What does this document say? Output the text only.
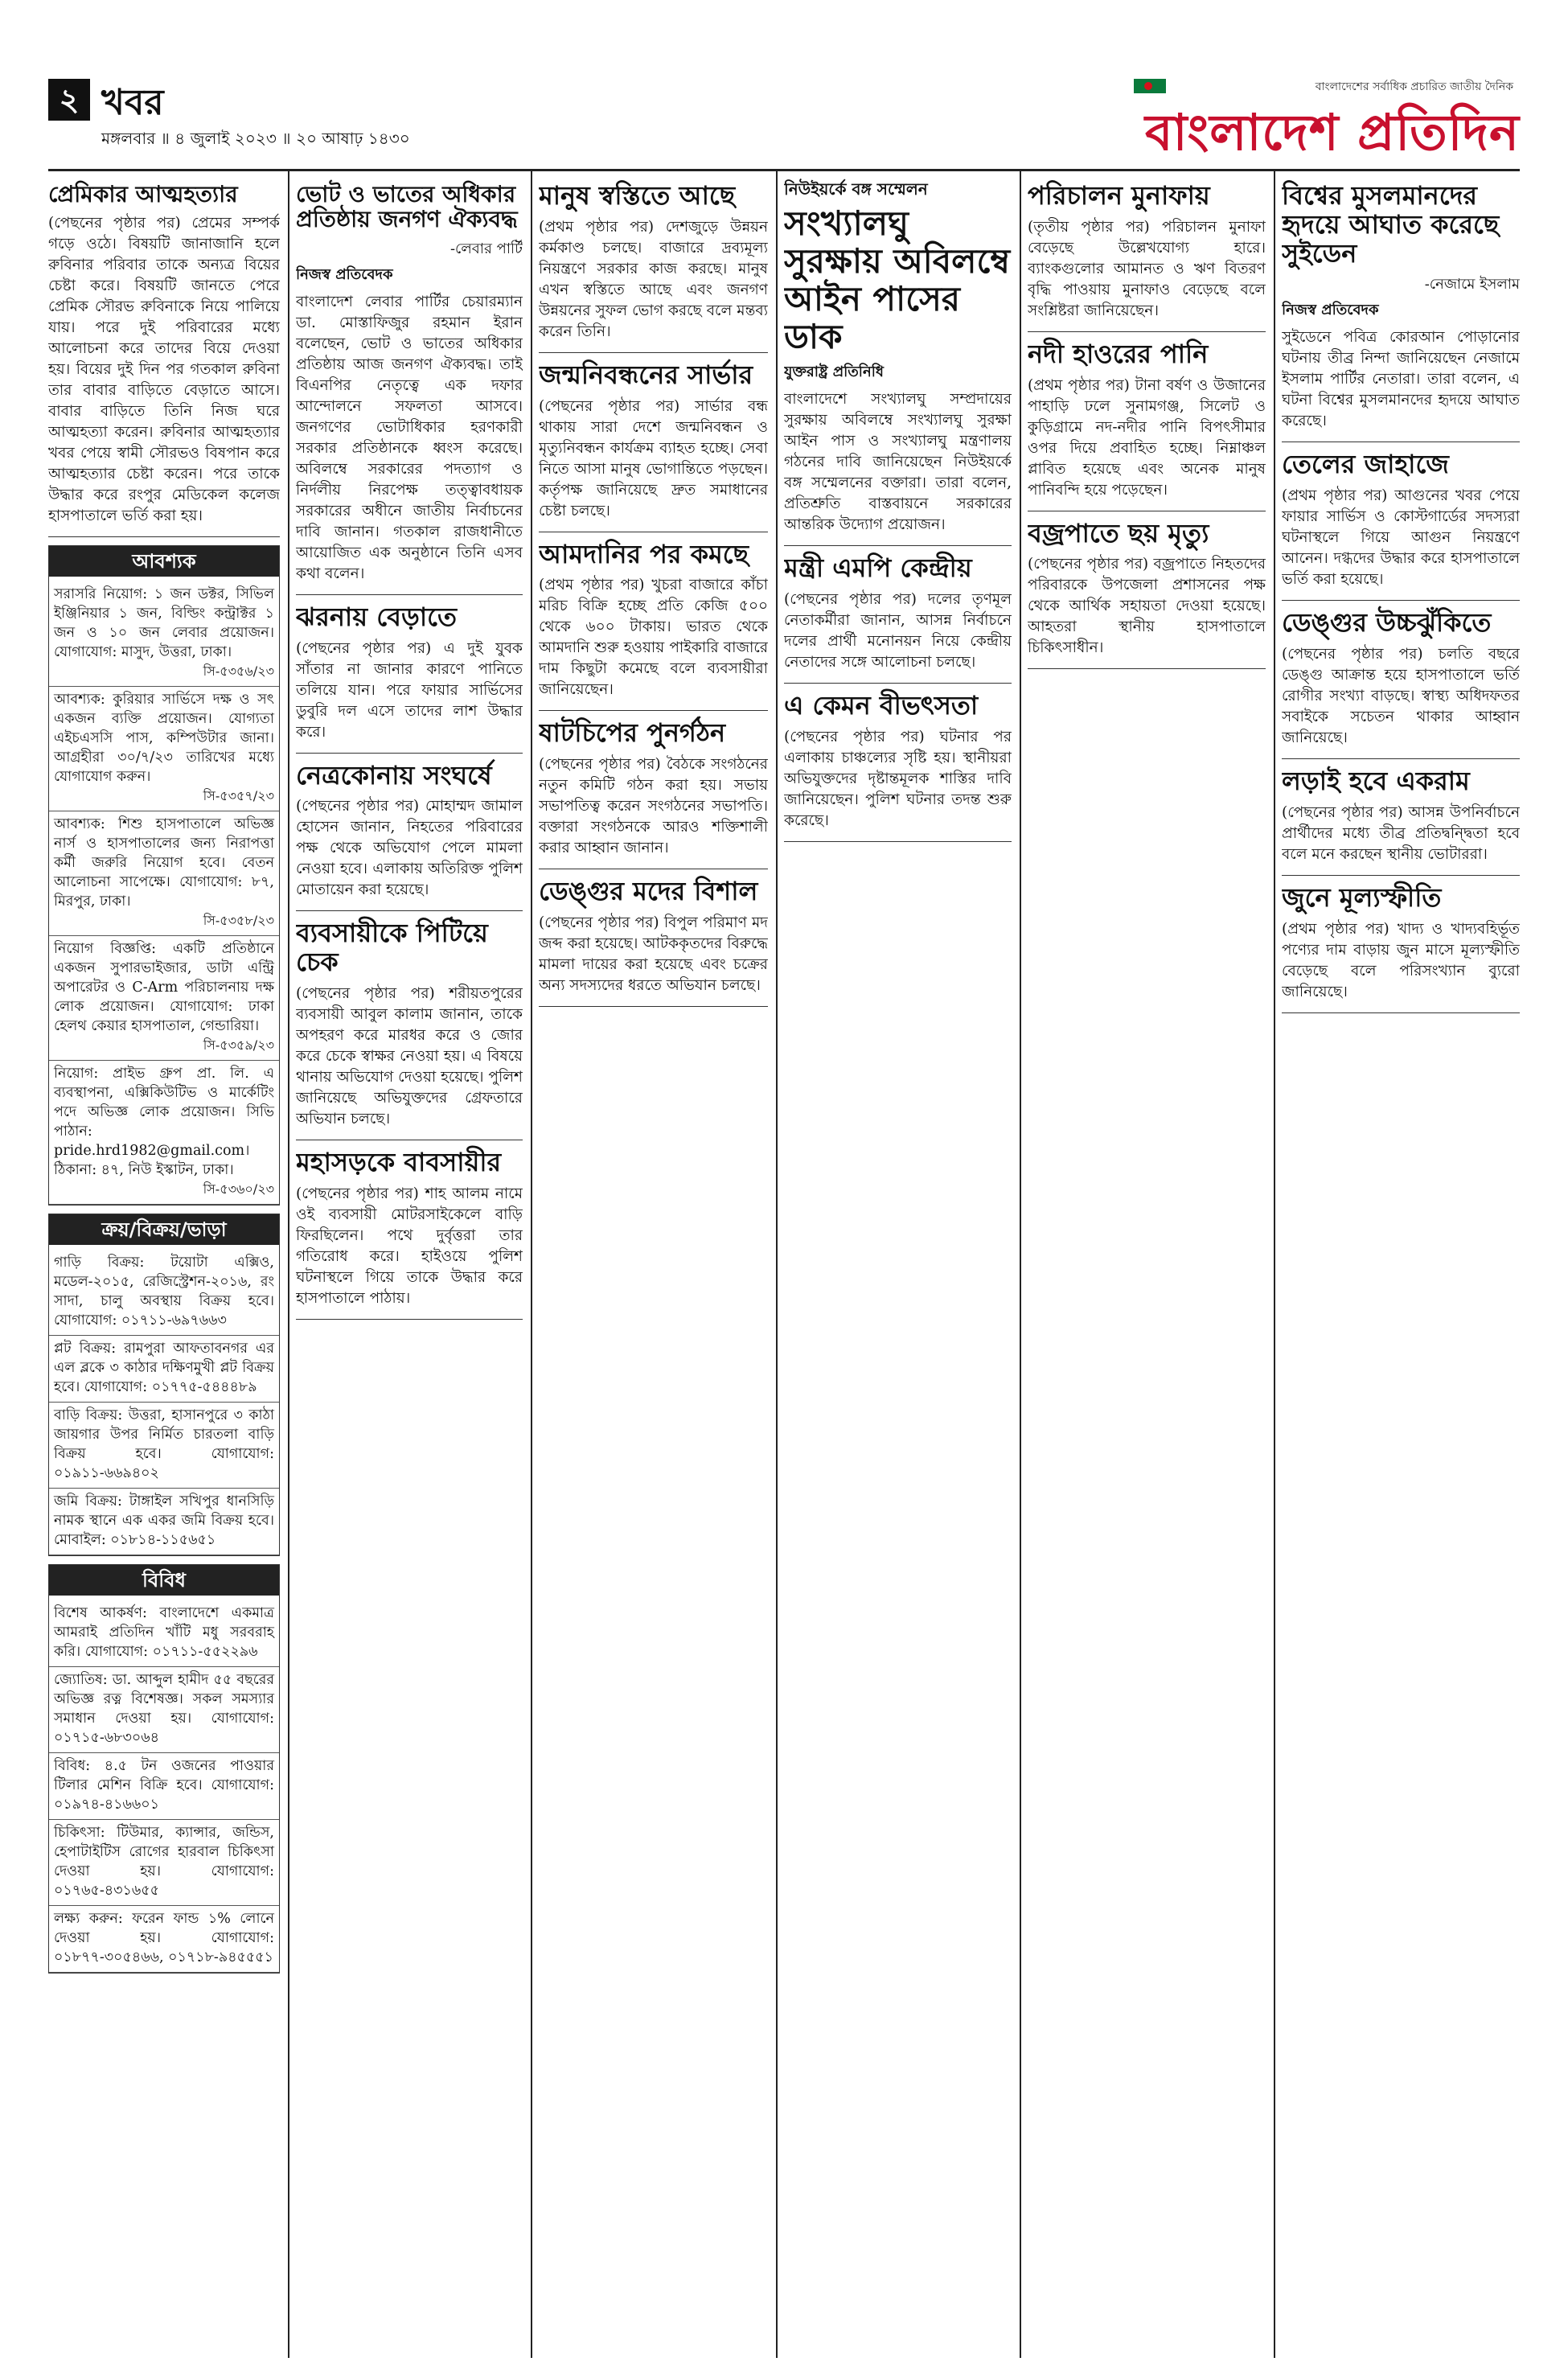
২ খবর
মঙ্গলবার ॥ ৪ জুলাই ২০২৩ ॥ ২০ আষাঢ় ১৪৩০
বাংলাদেশের সর্বাধিক প্রচারিত জাতীয় দৈনিক
বাংলাদেশ প্রতিদিন
প্রেমিকার আত্মহত্যার

(পেছনের পৃষ্ঠার পর) প্রেমের সম্পর্ক গড়ে ওঠে। বিষয়টি জানাজানি হলে রুবিনার পরিবার তাকে অন্যত্র বিয়ের চেষ্টা করে। বিষয়টি জানতে পেরে প্রেমিক সৌরভ রুবিনাকে নিয়ে পালিয়ে যায়। পরে দুই পরিবারের মধ্যে আলোচনা করে তাদের বিয়ে দেওয়া হয়। বিয়ের দুই দিন পর গতকাল রুবিনা তার বাবার বাড়িতে বেড়াতে আসে। বাবার বাড়িতে তিনি নিজ ঘরে আত্মহত্যা করেন। রুবিনার আত্মহত্যার খবর পেয়ে স্বামী সৌরভও বিষপান করে আত্মহত্যার চেষ্টা করেন। পরে তাকে উদ্ধার করে রংপুর মেডিকেল কলেজ হাসপাতালে ভর্তি করা হয়।

আবশ্যক
সরাসরি নিয়োগ: ১ জন ডক্টর, সিভিল ইঞ্জিনিয়ার ১ জন, বিল্ডিং কন্ট্রাক্টর ১ জন ও ১০ জন লেবার প্রয়োজন। যোগাযোগ: মাসুদ, উত্তরা, ঢাকা।
সি-৫৩৫৬/২৩
আবশ্যক: কুরিয়ার সার্ভিসে দক্ষ ও সৎ একজন ব্যক্তি প্রয়োজন। যোগ্যতা এইচএসসি পাস, কম্পিউটার জানা। আগ্রহীরা ৩০/৭/২৩ তারিখের মধ্যে যোগাযোগ করুন।
সি-৫৩৫৭/২৩
আবশ্যক: শিশু হাসপাতালে অভিজ্ঞ নার্স ও হাসপাতালের জন্য নিরাপত্তা কর্মী জরুরি নিয়োগ হবে। বেতন আলোচনা সাপেক্ষে। যোগাযোগ: ৮৭, মিরপুর, ঢাকা।
সি-৫৩৫৮/২৩
নিয়োগ বিজ্ঞপ্তি: একটি প্রতিষ্ঠানে একজন সুপারভাইজার, ডাটা এন্ট্রি অপারেটর ও C-Arm পরিচালনায় দক্ষ লোক প্রয়োজন। যোগাযোগ: ঢাকা হেলথ কেয়ার হাসপাতাল, গেন্ডারিয়া।
সি-৫৩৫৯/২৩
নিয়োগ: প্রাইভ গ্রুপ প্রা. লি. এ ব্যবস্থাপনা, এক্সিকিউটিভ ও মার্কেটিং পদে অভিজ্ঞ লোক প্রয়োজন। সিভি পাঠান: pride.hrd1982@gmail.com। ঠিকানা: ৪৭, নিউ ইস্কাটন, ঢাকা।
সি-৫৩৬০/২৩
ক্রয়/বিক্রয়/ভাড়া
গাড়ি বিক্রয়: টয়োটা এক্সিও, মডেল-২০১৫, রেজিস্ট্রেশন-২০১৬, রং সাদা, চালু অবস্থায় বিক্রয় হবে। যোগাযোগ: ০১৭১১-৬৯৭৬৬৩
প্লট বিক্রয়: রামপুরা আফতাবনগর এর এল ব্লকে ৩ কাঠার দক্ষিণমুখী প্লট বিক্রয় হবে। যোগাযোগ: ০১৭৭৫-৫৪৪৪৮৯
বাড়ি বিক্রয়: উত্তরা, হাসানপুরে ৩ কাঠা জায়গার উপর নির্মিত চারতলা বাড়ি বিক্রয় হবে। যোগাযোগ: ০১৯১১-৬৬৯৪০২
জমি বিক্রয়: টাঙ্গাইল সখিপুর ধানসিড়ি নামক স্থানে এক একর জমি বিক্রয় হবে। মোবাইল: ০১৮১৪-১১৫৬৫১
বিবিধ
বিশেষ আকর্ষণ: বাংলাদেশে একমাত্র আমরাই প্রতিদিন খাঁটি মধু সরবরাহ করি। যোগাযোগ: ০১৭১১-৫৫২২৯৬
জ্যোতিষ: ডা. আব্দুল হামীদ ৫৫ বছরের অভিজ্ঞ রত্ন বিশেষজ্ঞ। সকল সমস্যার সমাধান দেওয়া হয়। যোগাযোগ: ০১৭১৫-৬৮৩০৬৪
বিবিধ: ৪.৫ টন ওজনের পাওয়ার টিলার মেশিন বিক্রি হবে। যোগাযোগ: ০১৯৭৪-৪১৬৬০১
চিকিৎসা: টিউমার, ক্যান্সার, জন্ডিস, হেপাটাইটিস রোগের হারবাল চিকিৎসা দেওয়া হয়। যোগাযোগ: ০১৭৬৫-৪৩১৬৫৫
লক্ষ্য করুন: ফরেন ফান্ড ১% লোনে দেওয়া হয়। যোগাযোগ: ০১৮৭৭-৩০৫৪৬৬, ০১৭১৮-৯৪৫৫৫১
ভোট ও ভাতের অধিকার প্রতিষ্ঠায় জনগণ ঐক্যবদ্ধ
-লেবার পার্টি
নিজস্ব প্রতিবেদক

বাংলাদেশ লেবার পার্টির চেয়ারম্যান ডা. মোস্তাফিজুর রহমান ইরান বলেছেন, ভোট ও ভাতের অধিকার প্রতিষ্ঠায় আজ জনগণ ঐক্যবদ্ধ। তাই বিএনপির নেতৃত্বে এক দফার আন্দোলনে সফলতা আসবে। জনগণের ভোটাধিকার হরণকারী সরকার প্রতিষ্ঠানকে ধ্বংস করেছে। অবিলম্বে সরকারের পদত্যাগ ও নির্দলীয় নিরপেক্ষ তত্ত্বাবধায়ক সরকারের অধীনে জাতীয় নির্বাচনের দাবি জানান। গতকাল রাজধানীতে আয়োজিত এক অনুষ্ঠানে তিনি এসব কথা বলেন।

ঝরনায় বেড়াতে

(পেছনের পৃষ্ঠার পর) এ দুই যুবক সাঁতার না জানার কারণে পানিতে তলিয়ে যান। পরে ফায়ার সার্ভিসের ডুবুরি দল এসে তাদের লাশ উদ্ধার করে।

নেত্রকোনায় সংঘর্ষে

(পেছনের পৃষ্ঠার পর) মোহাম্মদ জামাল হোসেন জানান, নিহতের পরিবারের পক্ষ থেকে অভিযোগ পেলে মামলা নেওয়া হবে। এলাকায় অতিরিক্ত পুলিশ মোতায়েন করা হয়েছে।

ব্যবসায়ীকে পিটিয়ে চেক

(পেছনের পৃষ্ঠার পর) শরীয়তপুরের ব্যবসায়ী আবুল কালাম জানান, তাকে অপহরণ করে মারধর করে ও জোর করে চেকে স্বাক্ষর নেওয়া হয়। এ বিষয়ে থানায় অভিযোগ দেওয়া হয়েছে। পুলিশ জানিয়েছে অভিযুক্তদের গ্রেফতারে অভিযান চলছে।

মহাসড়কে বাবসায়ীর

(পেছনের পৃষ্ঠার পর) শাহ আলম নামে ওই ব্যবসায়ী মোটরসাইকেলে বাড়ি ফিরছিলেন। পথে দুর্বৃত্তরা তার গতিরোধ করে। হাইওয়ে পুলিশ ঘটনাস্থলে গিয়ে তাকে উদ্ধার করে হাসপাতালে পাঠায়।

মানুষ স্বস্তিতে আছে

(প্রথম পৃষ্ঠার পর) দেশজুড়ে উন্নয়ন কর্মকাণ্ড চলছে। বাজারে দ্রব্যমূল্য নিয়ন্ত্রণে সরকার কাজ করছে। মানুষ এখন স্বস্তিতে আছে এবং জনগণ উন্নয়নের সুফল ভোগ করছে বলে মন্তব্য করেন তিনি।

জন্মনিবন্ধনের সার্ভার

(পেছনের পৃষ্ঠার পর) সার্ভার বন্ধ থাকায় সারা দেশে জন্মনিবন্ধন ও মৃত্যুনিবন্ধন কার্যক্রম ব্যাহত হচ্ছে। সেবা নিতে আসা মানুষ ভোগান্তিতে পড়ছেন। কর্তৃপক্ষ জানিয়েছে দ্রুত সমাধানের চেষ্টা চলছে।

আমদানির পর কমছে

(প্রথম পৃষ্ঠার পর) খুচরা বাজারে কাঁচা মরিচ বিক্রি হচ্ছে প্রতি কেজি ৫০০ থেকে ৬০০ টাকায়। ভারত থেকে আমদানি শুরু হওয়ায় পাইকারি বাজারে দাম কিছুটা কমেছে বলে ব্যবসায়ীরা জানিয়েছেন।

ষাটচিপের পুনর্গঠন

(পেছনের পৃষ্ঠার পর) বৈঠকে সংগঠনের নতুন কমিটি গঠন করা হয়। সভায় সভাপতিত্ব করেন সংগঠনের সভাপতি। বক্তারা সংগঠনকে আরও শক্তিশালী করার আহ্বান জানান।

ডেঙ্গুর মদের বিশাল

(পেছনের পৃষ্ঠার পর) বিপুল পরিমাণ মদ জব্দ করা হয়েছে। আটককৃতদের বিরুদ্ধে মামলা দায়ের করা হয়েছে এবং চক্রের অন্য সদস্যদের ধরতে অভিযান চলছে।

নিউইয়র্কে বঙ্গ সম্মেলন
সংখ্যালঘু সুরক্ষায় অবিলম্বে আইন পাসের ডাক
যুক্তরাষ্ট্র প্রতিনিধি

বাংলাদেশে সংখ্যালঘু সম্প্রদায়ের সুরক্ষায় অবিলম্বে সংখ্যালঘু সুরক্ষা আইন পাস ও সংখ্যালঘু মন্ত্রণালয় গঠনের দাবি জানিয়েছেন নিউইয়র্কে বঙ্গ সম্মেলনের বক্তারা। তারা বলেন, প্রতিশ্রুতি বাস্তবায়নে সরকারের আন্তরিক উদ্যোগ প্রয়োজন।

মন্ত্রী এমপি কেন্দ্রীয়

(পেছনের পৃষ্ঠার পর) দলের তৃণমূল নেতাকর্মীরা জানান, আসন্ন নির্বাচনে দলের প্রার্থী মনোনয়ন নিয়ে কেন্দ্রীয় নেতাদের সঙ্গে আলোচনা চলছে।

এ কেমন বীভৎসতা

(পেছনের পৃষ্ঠার পর) ঘটনার পর এলাকায় চাঞ্চল্যের সৃষ্টি হয়। স্থানীয়রা অভিযুক্তদের দৃষ্টান্তমূলক শাস্তির দাবি জানিয়েছেন। পুলিশ ঘটনার তদন্ত শুরু করেছে।

পরিচালন মুনাফায়

(তৃতীয় পৃষ্ঠার পর) পরিচালন মুনাফা বেড়েছে উল্লেখযোগ্য হারে। ব্যাংকগুলোর আমানত ও ঋণ বিতরণ বৃদ্ধি পাওয়ায় মুনাফাও বেড়েছে বলে সংশ্লিষ্টরা জানিয়েছেন।

নদী হাওরের পানি

(প্রথম পৃষ্ঠার পর) টানা বর্ষণ ও উজানের পাহাড়ি ঢলে সুনামগঞ্জ, সিলেট ও কুড়িগ্রামে নদ-নদীর পানি বিপৎসীমার ওপর দিয়ে প্রবাহিত হচ্ছে। নিম্নাঞ্চল প্লাবিত হয়েছে এবং অনেক মানুষ পানিবন্দি হয়ে পড়েছেন।

বজ্রপাতে ছয় মৃত্যু

(পেছনের পৃষ্ঠার পর) বজ্রপাতে নিহতদের পরিবারকে উপজেলা প্রশাসনের পক্ষ থেকে আর্থিক সহায়তা দেওয়া হয়েছে। আহতরা স্থানীয় হাসপাতালে চিকিৎসাধীন।

বিশ্বের মুসলমানদের হৃদয়ে আঘাত করেছে সুইডেন
-নেজামে ইসলাম
নিজস্ব প্রতিবেদক

সুইডেনে পবিত্র কোরআন পোড়ানোর ঘটনায় তীব্র নিন্দা জানিয়েছেন নেজামে ইসলাম পার্টির নেতারা। তারা বলেন, এ ঘটনা বিশ্বের মুসলমানদের হৃদয়ে আঘাত করেছে।

তেলের জাহাজে

(প্রথম পৃষ্ঠার পর) আগুনের খবর পেয়ে ফায়ার সার্ভিস ও কোস্টগার্ডের সদস্যরা ঘটনাস্থলে গিয়ে আগুন নিয়ন্ত্রণে আনেন। দগ্ধদের উদ্ধার করে হাসপাতালে ভর্তি করা হয়েছে।

ডেঙ্গুর উচ্চঝুঁকিতে

(পেছনের পৃষ্ঠার পর) চলতি বছরে ডেঙ্গু আক্রান্ত হয়ে হাসপাতালে ভর্তি রোগীর সংখ্যা বাড়ছে। স্বাস্থ্য অধিদফতর সবাইকে সচেতন থাকার আহ্বান জানিয়েছে।

লড়াই হবে একরাম

(পেছনের পৃষ্ঠার পর) আসন্ন উপনির্বাচনে প্রার্থীদের মধ্যে তীব্র প্রতিদ্বন্দ্বিতা হবে বলে মনে করছেন স্থানীয় ভোটাররা।

জুনে মূল্যস্ফীতি

(প্রথম পৃষ্ঠার পর) খাদ্য ও খাদ্যবহির্ভূত পণ্যের দাম বাড়ায় জুন মাসে মূল্যস্ফীতি বেড়েছে বলে পরিসংখ্যান ব্যুরো জানিয়েছে।
